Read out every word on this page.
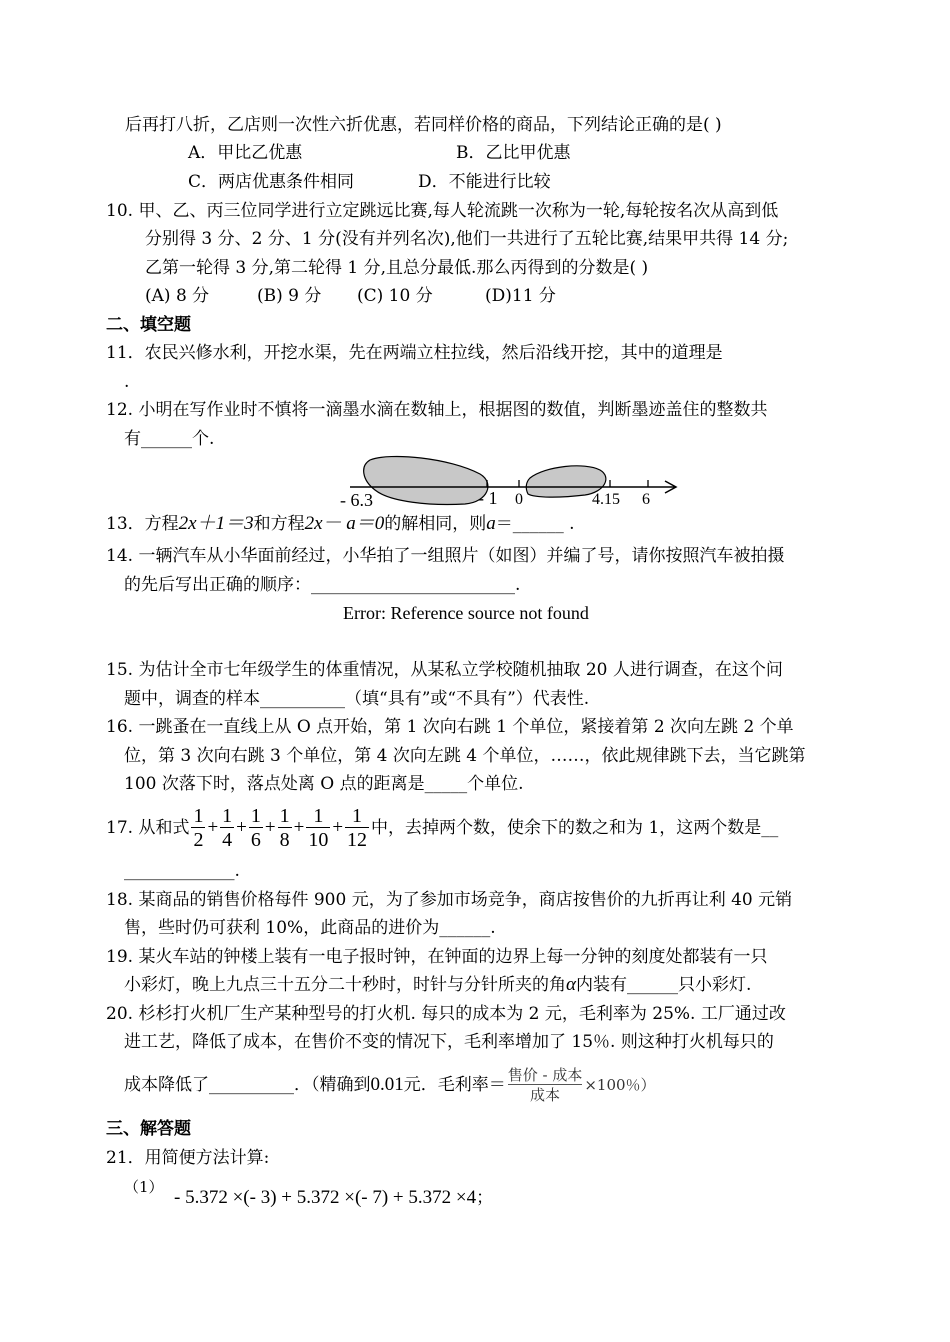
后再打八折，乙店则一次性六折优惠，若同样价格的商品，下列结论正确的是( )
A．甲比乙优惠	B．乙比甲优惠
C．两店优惠条件相同	D．不能进行比较
10. 甲、乙、丙三位同学进行立定跳远比赛,每人轮流跳一次称为一轮,每轮按名次从高到低
分别得 3 分、2 分、1 分(没有并列名次),他们一共进行了五轮比赛,结果甲共得 14 分;
乙第一轮得 3 分,第二轮得 1 分,且总分最低.那么丙得到的分数是( )
(A) 8 分	(B) 9 分 (C) 10 分	(D)11 分
二、填空题
11．农民兴修水利，开挖水渠，先在两端立柱拉线，然后沿线开挖，其中的道理是
.
12. 小明在写作业时不慎将一滴墨水滴在数轴上，根据图的数值，判断墨迹盖住的整数共
有______个.
- 6.3	- 1 0	4.15 6
13．方程2x＋1＝3和方程2x－ a＝0的解相同，则a＝______ .
14. 一辆汽车从小华面前经过，小华拍了一组照片（如图）并编了号，请你按照汽车被拍摄
的先后写出正确的顺序：________________________.
Error: Reference source not found
15. 为估计全市七年级学生的体重情况，从某私立学校随机抽取 20 人进行调查，在这个问
题中，调查的样本__________（填“具有”或“不具有”）代表性.
16. 一跳蚤在一直线上从 O 点开始，第 1 次向右跳 1 个单位，紧接着第 2 次向左跳 2 个单
位，第 3 次向右跳 3 个单位，第 4 次向左跳 4 个单位，……，依此规律跳下去，当它跳第
100 次落下时，落点处离 O 点的距离是_____个单位.
17. 从和式 $\frac{1}{2} + \frac{1}{4} + \frac{1}{6} + \frac{1}{8} + \frac{1}{10} + \frac{1}{12}$ 中，去掉两个数，使余下的数之和为 1，这两个数是__
_____________.
18. 某商品的销售价格每件 900 元，为了参加市场竞争，商店按售价的九折再让利 40 元销
售，些时仍可获利 10%，此商品的进价为______.
19. 某火车站的钟楼上装有一电子报时钟，在钟面的边界上每一分钟的刻度处都装有一只
小彩灯，晚上九点三十五分二十秒时，时针与分针所夹的角α内装有______只小彩灯.
20. 杉杉打火机厂生产某种型号的打火机. 每只的成本为 2 元，毛利率为 25%. 工厂通过改
进工艺，降低了成本，在售价不变的情况下，毛利率增加了 15％. 则这种打火机每只的
成本降低了__________．（精确到0.01元．毛利率＝ 售价 - 成本
成本
×100％）
三、解答题
21．用简便方法计算:
（1） - 5.372 ×(- 3) + 5.372 ×(- 7) + 5.372 ×4；
